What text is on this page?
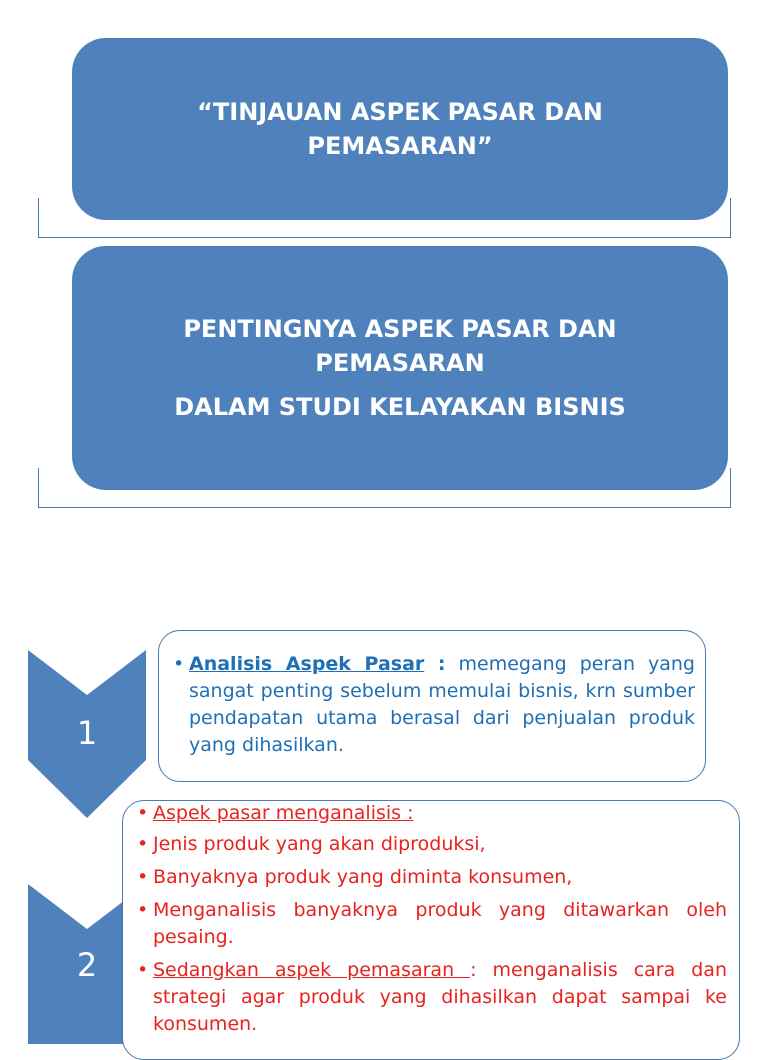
“TINJAUAN ASPEK PASAR DAN

PEMASARAN”

PENTINGNYA ASPEK PASAR DAN

PEMASARAN

DALAM STUDI KELAYAKAN BISNIS

1
• Analisis Aspek Pasar : memegang peran yang sangat penting sebelum memulai bisnis, krn sumber pendapatan utama berasal dari penjualan produk yang dihasilkan.
2
• Aspek pasar menganalisis :
• Jenis produk yang akan diproduksi,
• Banyaknya produk yang diminta konsumen,
• Menganalisis banyaknya produk yang ditawarkan oleh pesaing.
• Sedangkan aspek pemasaran : menganalisis cara dan strategi agar produk yang dihasilkan dapat sampai ke konsumen.
